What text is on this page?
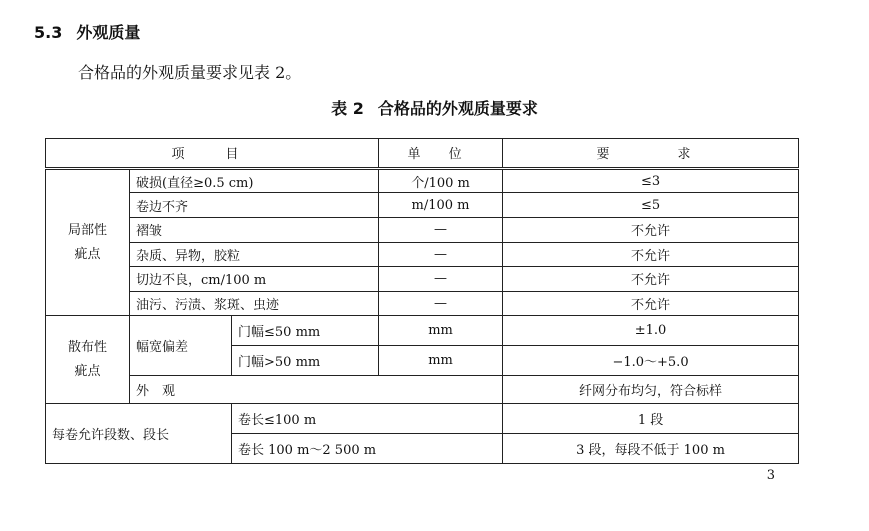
5.3 外观质量
合格品的外观质量要求见表 2。
表 2 合格品的外观质量要求
项　目			单 位	要　　求

局部性
疵点	破损(直径≥0.5 cm)		个/100 m	≤3
	卷边不齐		m/100 m	≤5
	褶皱		—	不允许
	杂质、异物，胶粒		—	不允许
	切边不良，cm/100 m		—	不允许
	油污、污渍、浆斑、虫迹		—	不允许

散布性
疵点	幅宽偏差	门幅≤50 mm	mm	±1.0
		门幅>50 mm	mm	−1.0～+5.0
	外　观			纤网分布均匀，符合标样
每卷允许段数、段长		卷长≤100 m		1 段
		卷长 100 m～2 500 m		3 段，每段不低于 100 m
3
